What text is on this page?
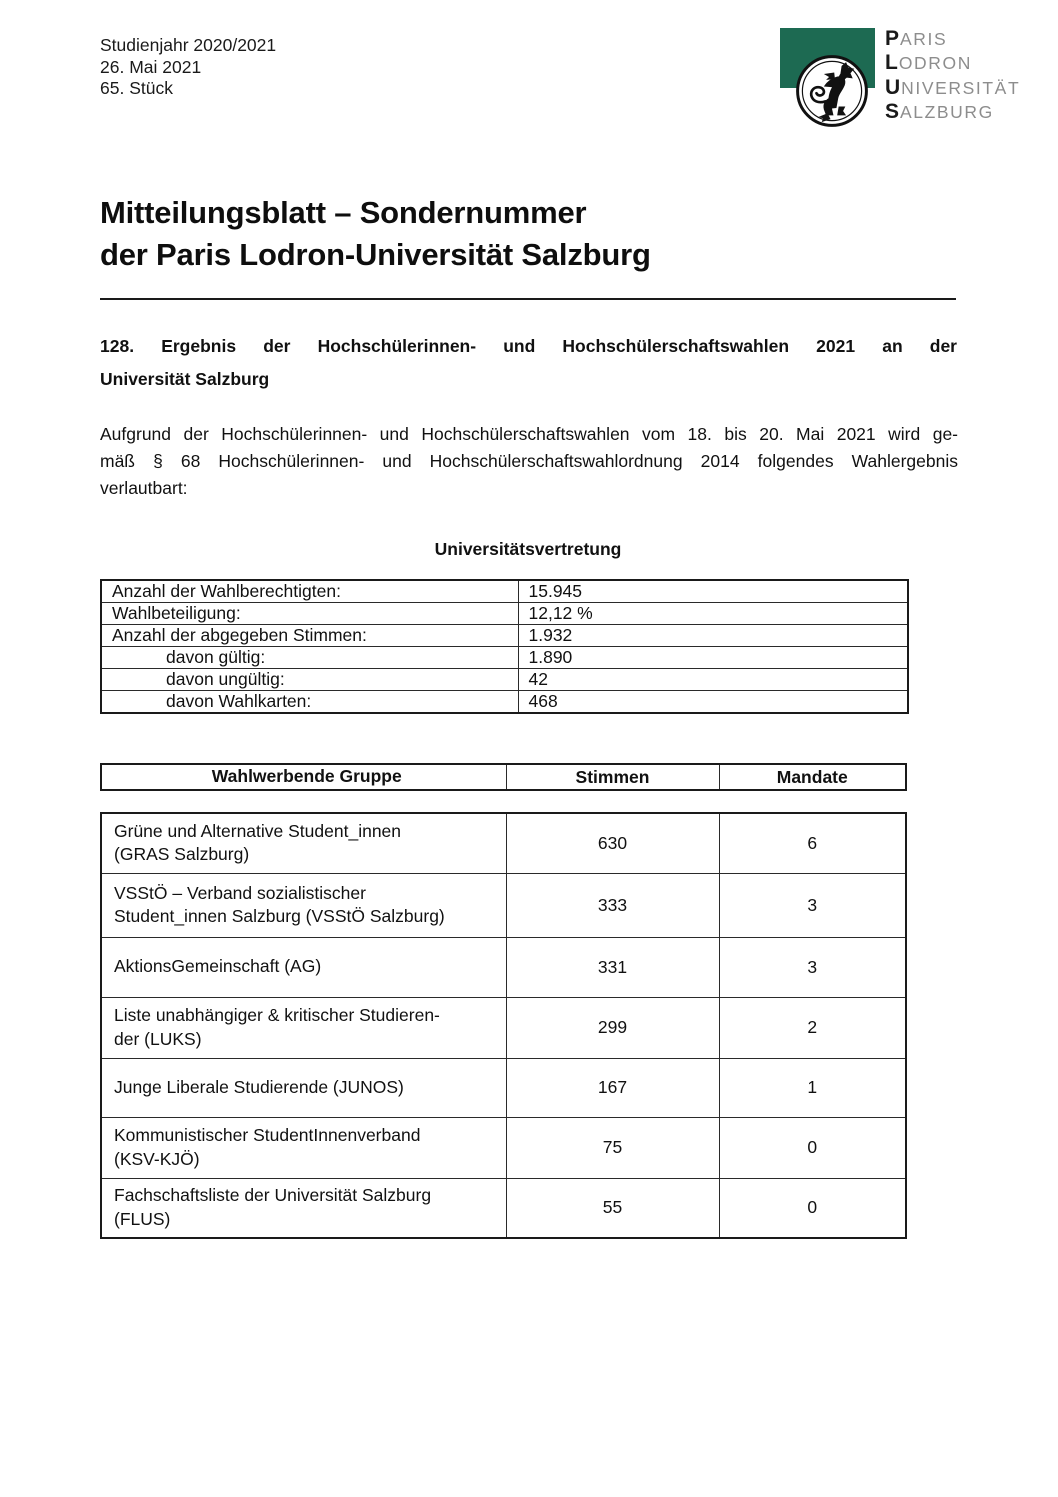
Studienjahr 2020/2021
26. Mai 2021
65. Stück
P ARIS
L ODRON
U NIVERSITÄT
S ALZBURG
Mitteilungsblatt – Sondernummer
der Paris Lodron-Universität Salzburg
128. Ergebnis der Hochschülerinnen- und Hochschülerschaftswahlen 2021 an der
Universität Salzburg
Aufgrund der Hochschülerinnen- und Hochschülerschaftswahlen vom 18. bis 20. Mai 2021 wird ge-
mäß § 68 Hochschülerinnen- und Hochschülerschaftswahlordnung 2014 folgendes Wahlergebnis
verlautbart:
Universitätsvertretung
Anzahl der Wahlberechtigten:	15.945
Wahlbeteiligung:	12,12 %
Anzahl der abgegeben Stimmen:	1.932
davon gültig:	1.890
davon ungültig:	42
davon Wahlkarten:	468
Wahlwerbende Gruppe	Stimmen	Mandate
Grüne und Alternative Student_innen
(GRAS Salzburg)	630	6

VSStÖ – Verband sozialistischer
Student_innen Salzburg (VSStÖ Salzburg)	333	3

AktionsGemeinschaft (AG)	331	3

Liste unabhängiger & kritischer Studieren-
der (LUKS)	299	2

Junge Liberale Studierende (JUNOS)	167	1

Kommunistischer StudentInnenverband
(KSV-KJÖ)	75	0

Fachschaftsliste der Universität Salzburg
(FLUS)	55	0
